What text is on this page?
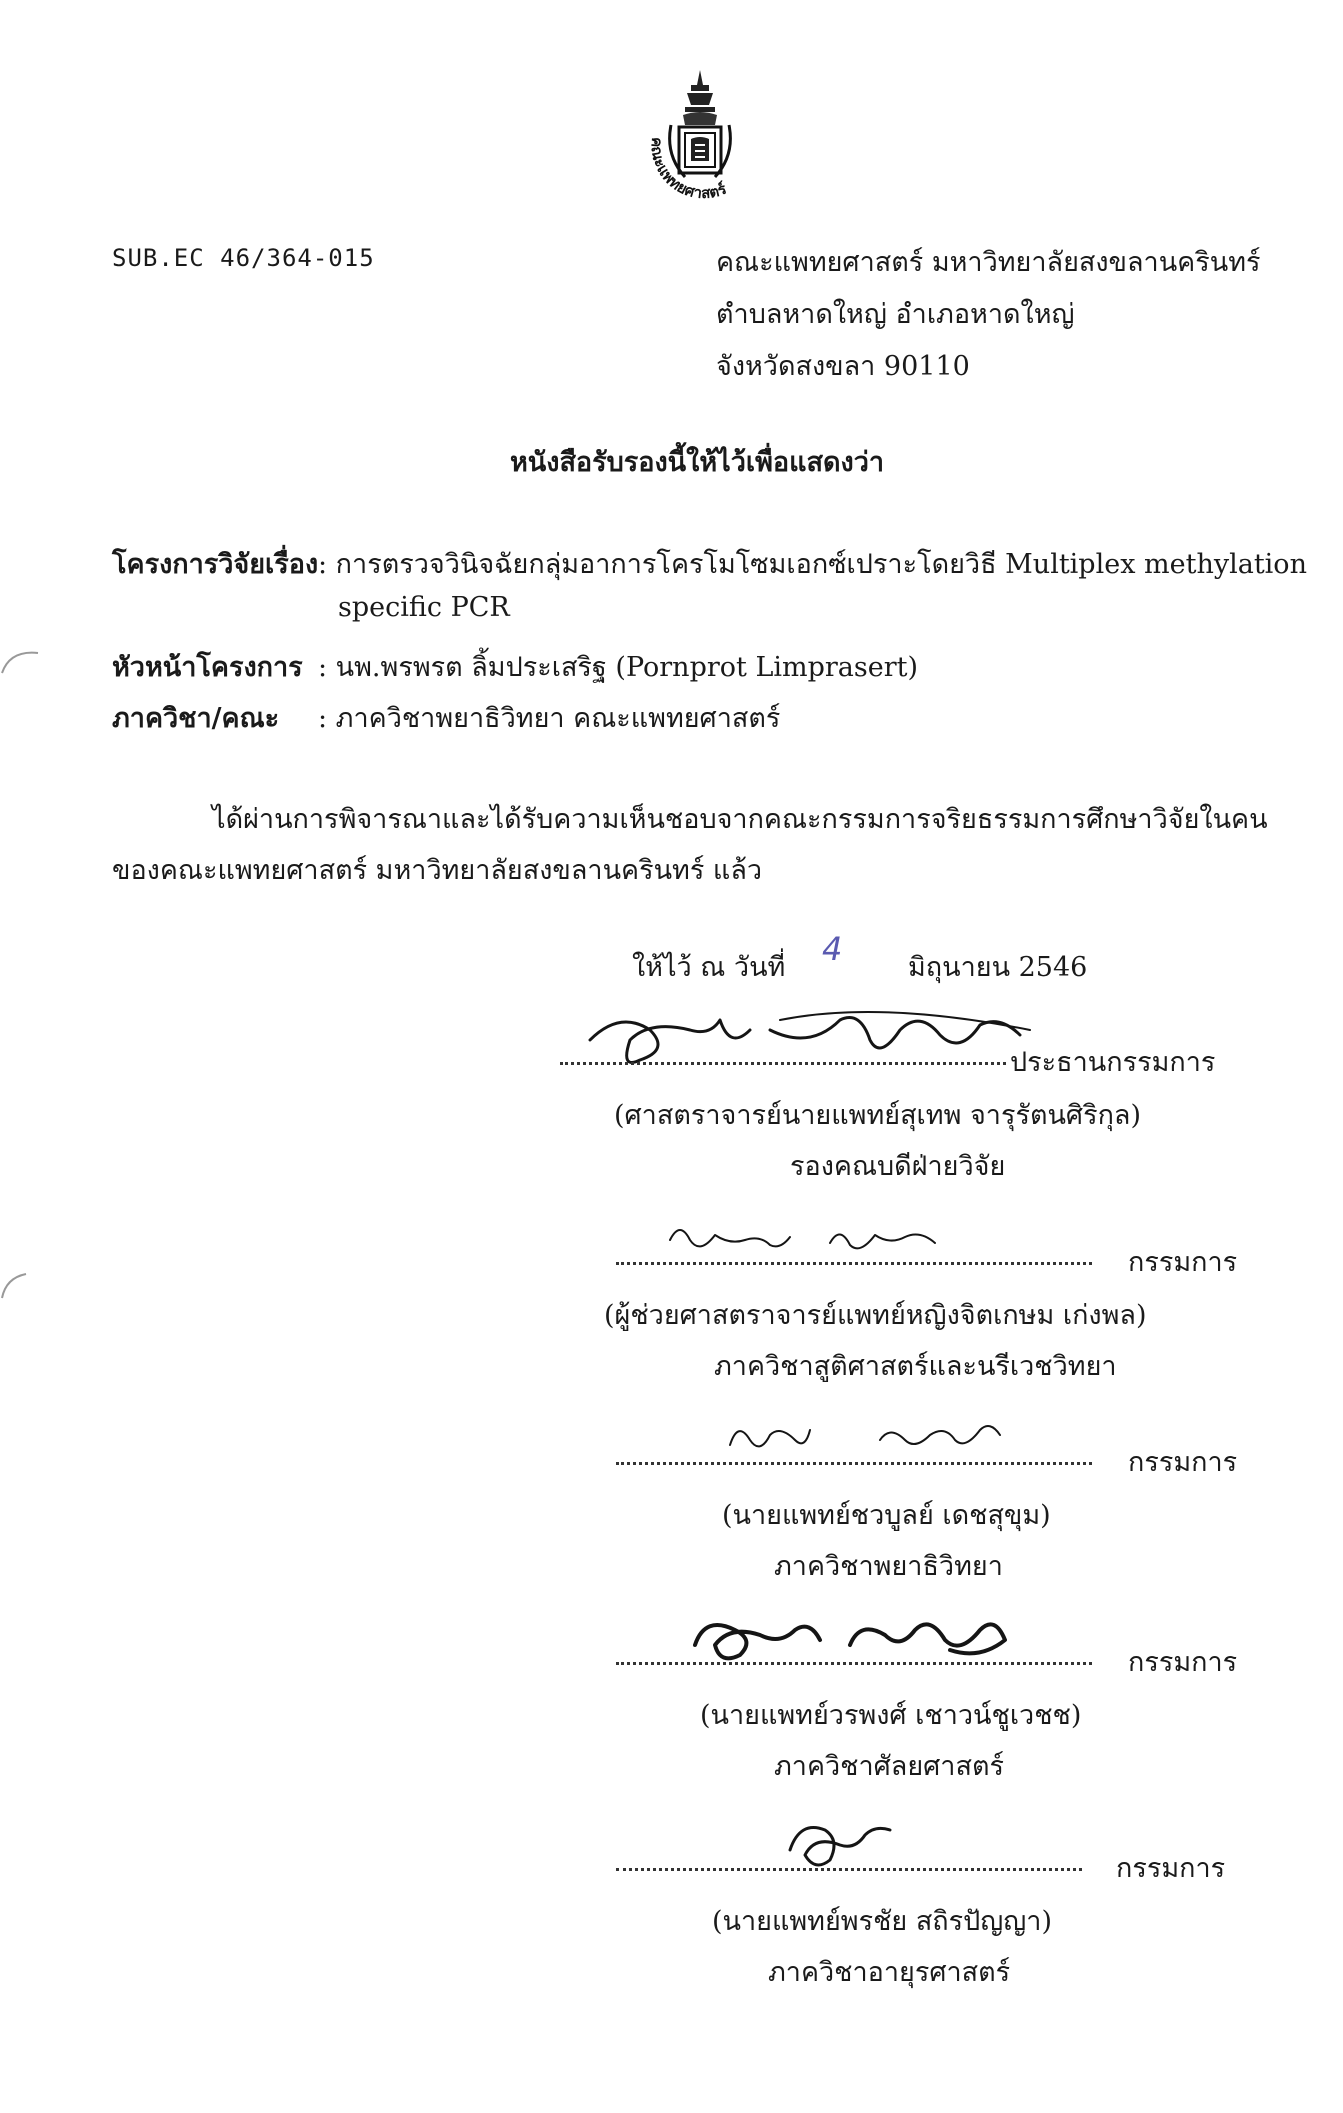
คณะแพทยศาสตร์
SUB.EC 46/364-015	คณะแพทยศาสตร์ มหาวิทยาลัยสงขลานครินทร์
ตำบลหาดใหญ่ อำเภอหาดใหญ่
จังหวัดสงขลา 90110
หนังสือรับรองนี้ให้ไว้เพื่อแสดงว่า
โครงการวิจัยเรื่อง : การตรวจวินิจฉัยกลุ่มอาการโครโมโซมเอกซ์เปราะโดยวิธี Multiplex methylation
specific PCR
หัวหน้าโครงการ : นพ.พรพรต ลิ้มประเสริฐ (Pornprot Limprasert)
ภาควิชา/คณะ : ภาควิชาพยาธิวิทยา คณะแพทยศาสตร์
ได้ผ่านการพิจารณาและได้รับความเห็นชอบจากคณะกรรมการจริยธรรมการศึกษาวิจัยในคน
ของคณะแพทยศาสตร์ มหาวิทยาลัยสงขลานครินทร์ แล้ว
ให้ไว้ ณ วันที่ 4 มิถุนายน 2546
ประธานกรรมการ
(ศาสตราจารย์นายแพทย์สุเทพ จารุรัตนศิริกุล)
รองคณบดีฝ่ายวิจัย
กรรมการ
(ผู้ช่วยศาสตราจารย์แพทย์หญิงจิตเกษม เก่งพล)
ภาควิชาสูติศาสตร์และนรีเวชวิทยา
กรรมการ
(นายแพทย์ชวบูลย์ เดชสุขุม)
ภาควิชาพยาธิวิทยา
กรรมการ
(นายแพทย์วรพงศ์ เชาวน์ชูเวชช)
ภาควิชาศัลยศาสตร์
กรรมการ
(นายแพทย์พรชัย สถิรปัญญา)
ภาควิชาอายุรศาสตร์
